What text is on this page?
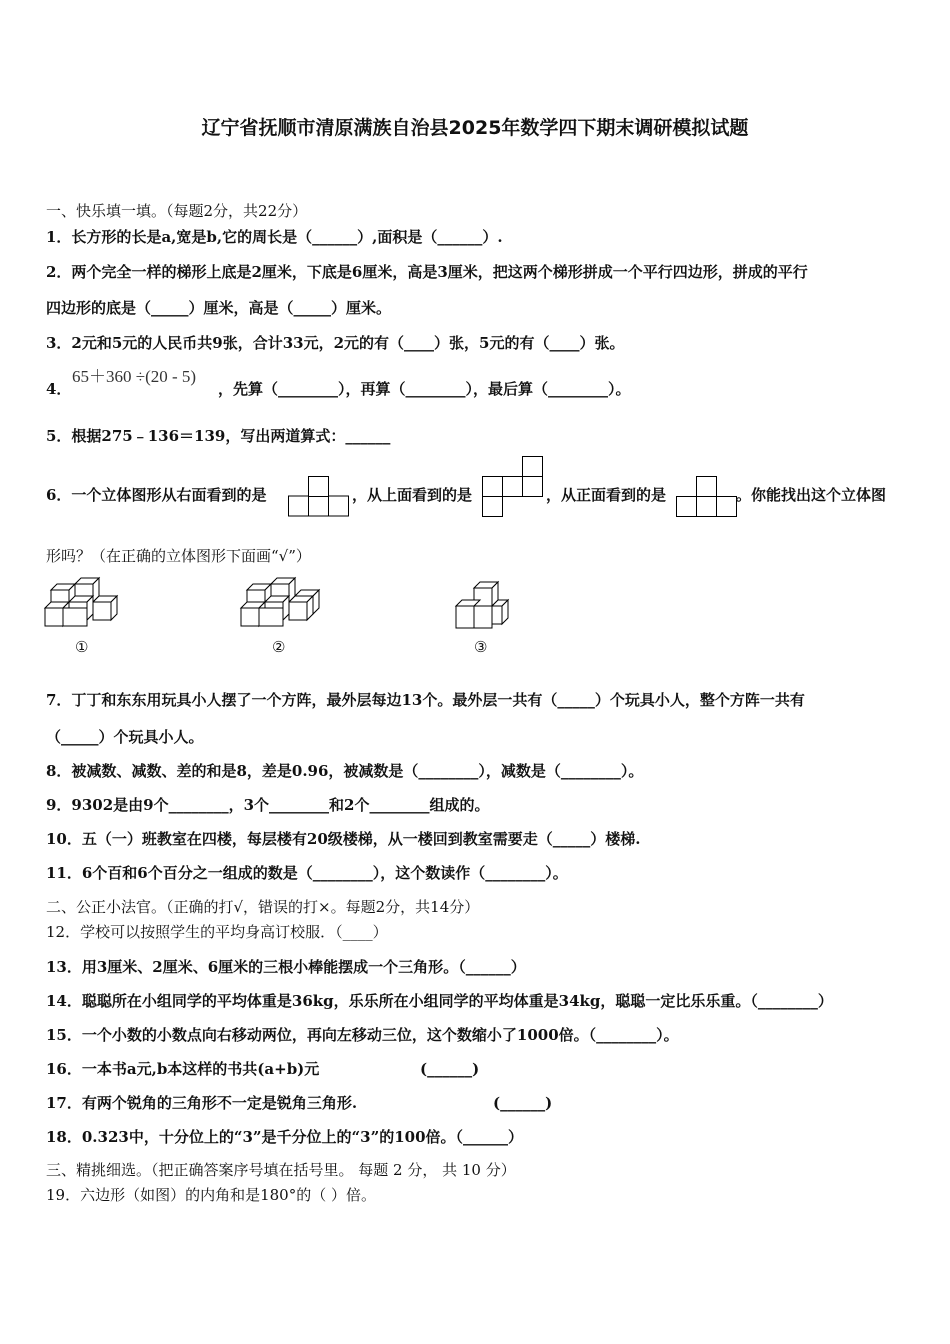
辽宁省抚顺市清原满族自治县2025年数学四下期末调研模拟试题
一、快乐填一填。（每题2分，共22分）
1．长方形的长是a,宽是b,它的周长是（______）,面积是（______）.
2．两个完全一样的梯形上底是2厘米，下底是6厘米，高是3厘米，把这两个梯形拼成一个平行四边形，拼成的平行
四边形的底是（_____）厘米，高是（_____）厘米。
3．2元和5元的人民币共9张，合计33元，2元的有（____）张，5元的有（____）张。
4．
65＋360 ÷(20 - 5)
，先算（________），再算（________），最后算（________）。
5．根据275﹣136＝139，写出两道算式：______
6．一个立体图形从右面看到的是	，从上面看到的是	，从正面看到的是	。你能找出这个立体图
形吗？（在正确的立体图形下面画“√”）
①	②	③
7．丁丁和东东用玩具小人摆了一个方阵，最外层每边13个。最外层一共有（_____）个玩具小人，整个方阵一共有
（_____）个玩具小人。
8．被减数、减数、差的和是8，差是0.96，被减数是（________），减数是（________）。
9．9302是由9个________，3个________和2个________组成的。
10．五（一）班教室在四楼，每层楼有20级楼梯，从一楼回到教室需要走（_____）楼梯.
11．6个百和6个百分之一组成的数是（________），这个数读作（________）。
二、公正小法官。（正确的打√，错误的打×。每题2分，共14分）
12．学校可以按照学生的平均身高订校服．（____）
13．用3厘米、2厘米、6厘米的三根小棒能摆成一个三角形。（______）
14．聪聪所在小组同学的平均体重是36kg，乐乐所在小组同学的平均体重是34kg，聪聪一定比乐乐重。（________）
15．一个小数的小数点向右移动两位，再向左移动三位，这个数缩小了1000倍。（________）。
16．一本书a元,b本这样的书共(a+b)元	(______)
17．有两个锐角的三角形不一定是锐角三角形.	(______)
18．0.323中，十分位上的“3”是千分位上的“3”的100倍。（______）
三、精挑细选。（把正确答案序号填在括号里。 每题 2 分， 共 10 分）
19．六边形（如图）的内角和是180°的（ ）倍。
